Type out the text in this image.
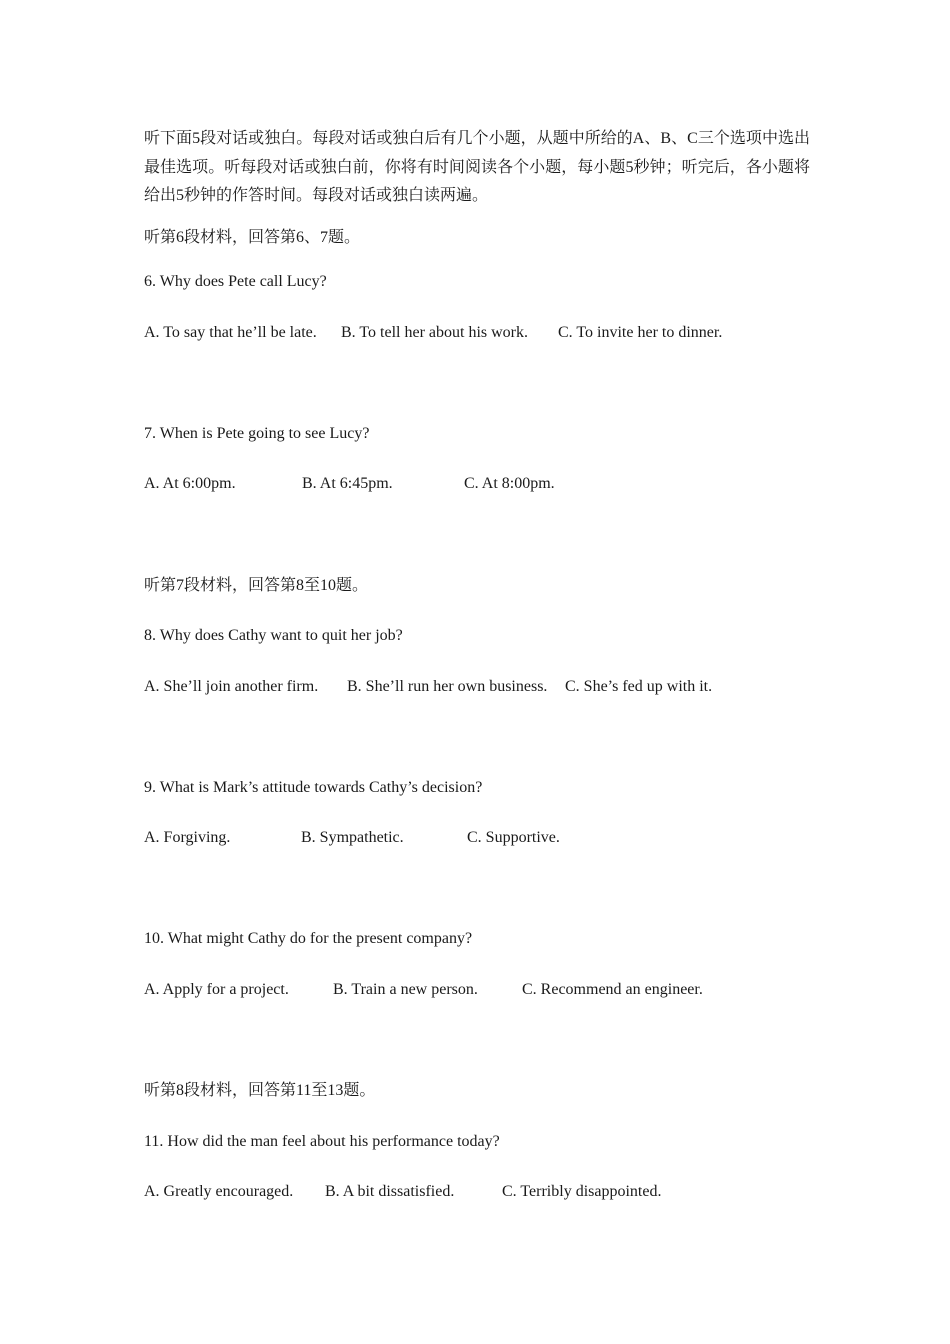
听下面5段对话或独白。每段对话或独白后有几个小题，从题中所给的A、B、C三个选项中选出最佳选项。听每段对话或独白前，你将有时间阅读各个小题，每小题5秒钟；听完后，各小题将给出5秒钟的作答时间。每段对话或独白读两遍。
听第6段材料，回答第6、7题。
6. Why does Pete call Lucy?
A. To say that he’ll be late. B. To tell her about his work. C. To invite her to dinner.
7. When is Pete going to see Lucy?
A. At 6:00pm.	B. At 6:45pm.	C. At 8:00pm.
听第7段材料，回答第8至10题。
8. Why does Cathy want to quit her job?
A. She’ll join another firm. B. She’ll run her own business. C. She’s fed up with it.
9. What is Mark’s attitude towards Cathy’s decision?
A. Forgiving.	B. Sympathetic.	C. Supportive.
10. What might Cathy do for the present company?
A. Apply for a project.	B. Train a new person.	C. Recommend an engineer.
听第8段材料，回答第11至13题。
11. How did the man feel about his performance today?
A. Greatly encouraged. B. A bit dissatisfied.	C. Terribly disappointed.
